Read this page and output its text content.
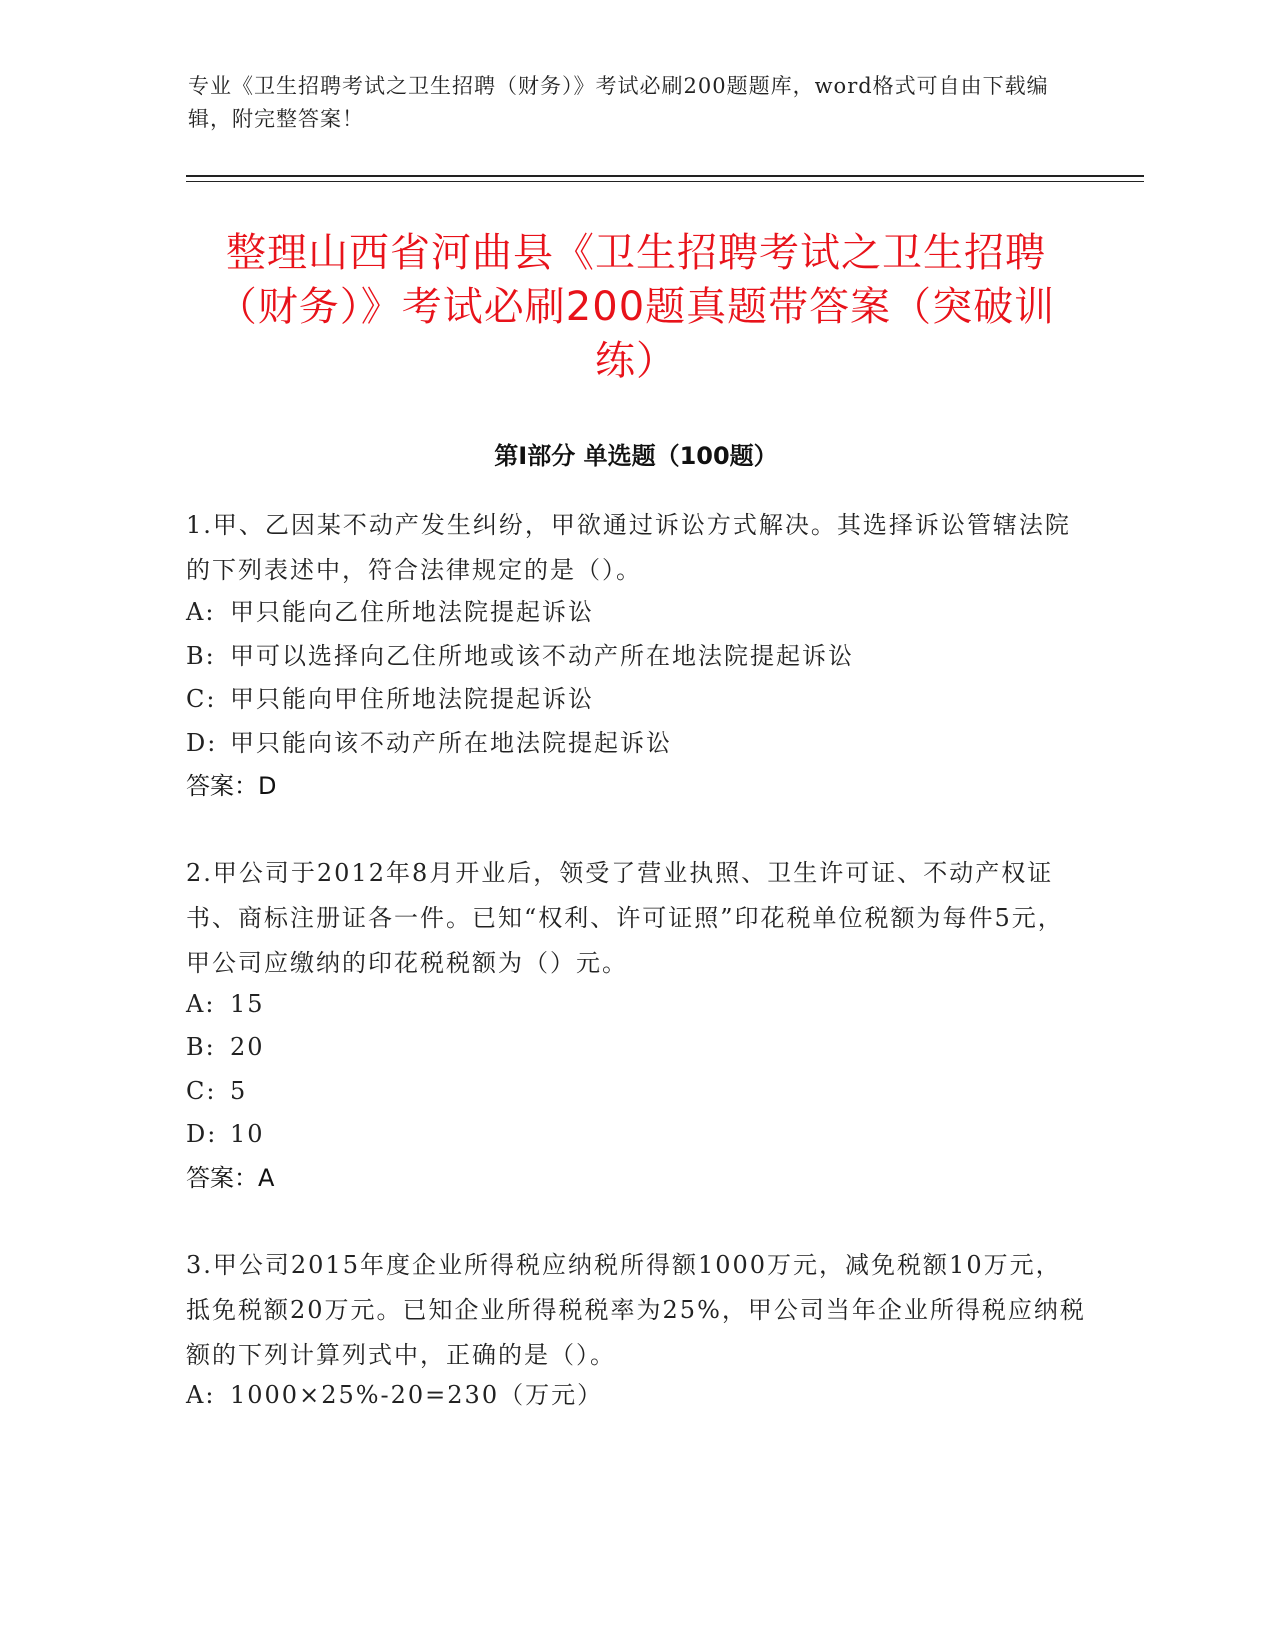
专业《卫生招聘考试之卫生招聘（财务）》考试必刷200题题库，word格式可自由下载编辑，附完整答案！
整理山西省河曲县《卫生招聘考试之卫生招聘（财务）》考试必刷200题真题带答案（突破训练）
第Ⅰ部分 单选题（100题）
1.甲、乙因某不动产发生纠纷，甲欲通过诉讼方式解决。其选择诉讼管辖法院的下列表述中，符合法律规定的是（）。
A: 甲只能向乙住所地法院提起诉讼
B: 甲可以选择向乙住所地或该不动产所在地法院提起诉讼
C: 甲只能向甲住所地法院提起诉讼
D: 甲只能向该不动产所在地法院提起诉讼
答案：D
2.甲公司于2012年8月开业后，领受了营业执照、卫生许可证、不动产权证书、商标注册证各一件。已知“权利、许可证照”印花税单位税额为每件5元，甲公司应缴纳的印花税税额为（）元。
A: 15
B: 20
C: 5
D: 10
答案：A
3.甲公司2015年度企业所得税应纳税所得额1000万元，减免税额10万元，抵免税额20万元。已知企业所得税税率为25%，甲公司当年企业所得税应纳税额的下列计算列式中，正确的是（）。
A: 1000×25%-20=230（万元）
